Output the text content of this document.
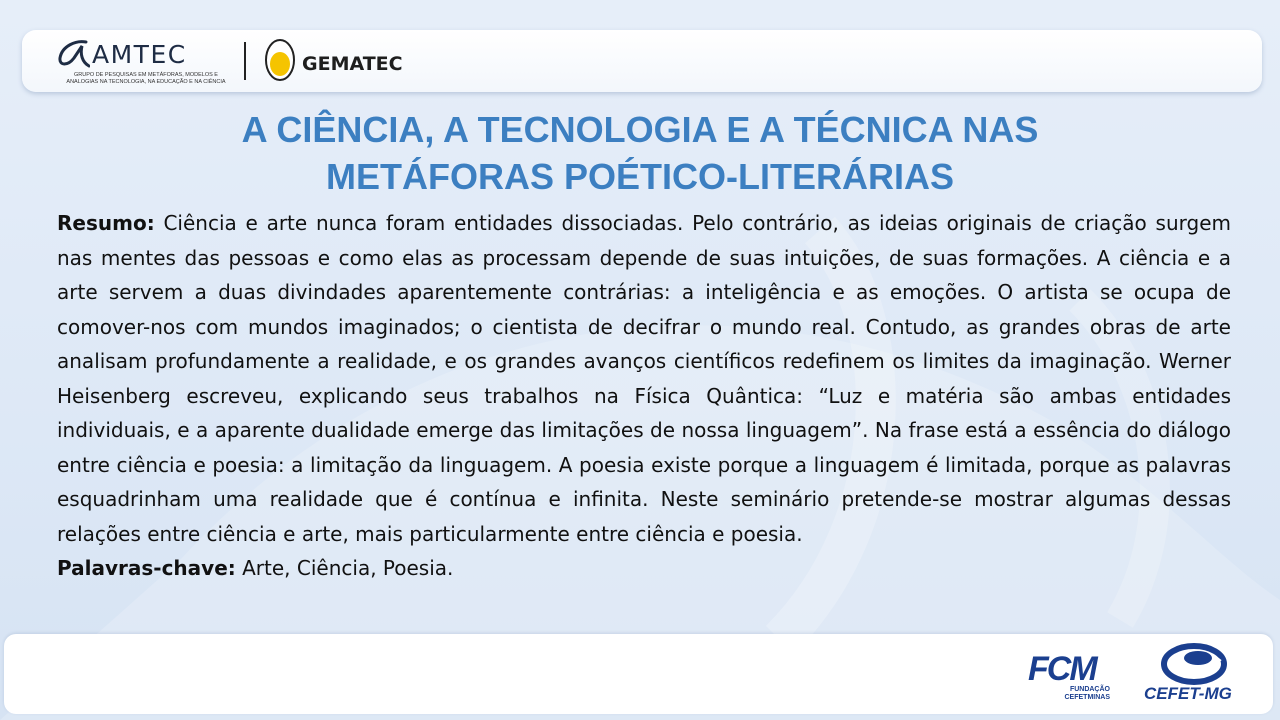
AMTEC
GRUPO DE PESQUISAS EM METÁFORAS, MODELOS E ANALOGIAS NA TECNOLOGIA, NA EDUCAÇÃO E NA CIÊNCIA
GEMATEC
A CIÊNCIA, A TECNOLOGIA E A TÉCNICA NAS
METÁFORAS POÉTICO-LITERÁRIAS

Resumo: Ciência e arte nunca foram entidades dissociadas. Pelo contrário, as ideias originais de criação surgem nas mentes das pessoas e como elas as processam depende de suas intuições, de suas formações. A ciência e a arte servem a duas divindades aparentemente contrárias: a inteligência e as emoções. O artista se ocupa de comover-nos com mundos imaginados; o cientista de decifrar o mundo real. Contudo, as grandes obras de arte analisam profundamente a realidade, e os grandes avanços científicos redefinem os limites da imaginação. Werner Heisenberg escreveu, explicando seus trabalhos na Física Quântica: “Luz e matéria são ambas entidades individuais, e a aparente dualidade emerge das limitações de nossa linguagem”. Na frase está a essência do diálogo entre ciência e poesia: a limitação da linguagem. A poesia existe porque a linguagem é limitada, porque as palavras esquadrinham uma realidade que é contínua e infinita. Neste seminário pretende-se mostrar algumas dessas relações entre ciência e arte, mais particularmente entre ciência e poesia.

Palavras-chave: Arte, Ciência, Poesia.

FCM
FUNDAÇÃO CEFETMINAS CEFET-MG
